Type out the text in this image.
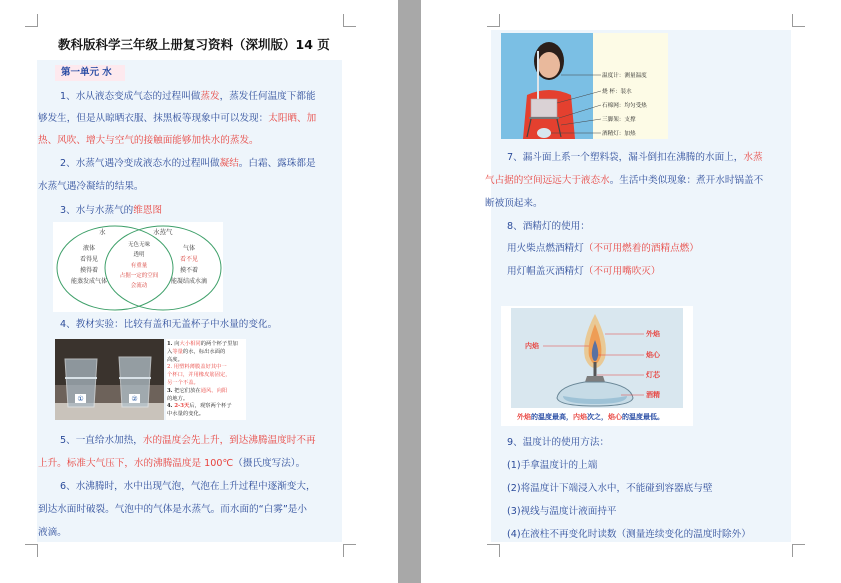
教科版科学三年级上册复习资料（深圳版）14 页
第一单元 水
1、水从液态变成气态的过程叫做蒸发，蒸发任何温度下都能
够发生，但是从晾晒衣服、抹黑板等现象中可以发现：太阳晒、加
热、风吹、增大与空气的接触面能够加快水的蒸发。
2、水蒸气遇冷变成液态水的过程叫做凝结。白霜、露珠都是
水蒸气遇冷凝结的结果。
3、水与水蒸气的维恩图
水	水蒸气
液体
看得见
摸得着
能蒸发成气体
无色无味
透明
有重量
占据一定的空间
会流动
气体
看不见
摸不着
能凝结成水滴
4、教材实验：比较有盖和无盖杯子中水量的变化。
①	②
1. 向大小相同的两个杯子里加
入等量的水，标出水面的
高度。
2. 用塑料薄膜盖好其中一
个杯口，并用橡皮筋固定，
另一个不盖。
3. 把它们放在通风、向阳
的地方。
4. 2-3天后，观察两个杯子
中水量的变化。
5、一直给水加热，水的温度会先上升，到达沸腾温度时不再
上升。标准大气压下，水的沸腾温度是 100℃（摄氏度写法）。
6、水沸腾时，水中出现气泡，气泡在上升过程中逐渐变大，
到达水面时破裂。气泡中的气体是水蒸气。而水面的“白雾”是小
液滴。
温度计：测量温度
烧 杯：装水
石棉网：均匀受热
三脚架：支撑
酒精灯：加热
7、漏斗面上系一个塑料袋，漏斗倒扣在沸腾的水面上，水蒸
气占据的空间远远大于液态水。生活中类似现象：煮开水时锅盖不
断被顶起来。
8、酒精灯的使用：
用火柴点燃酒精灯（不可用燃着的酒精点燃）
用灯帽盖灭酒精灯（不可用嘴吹灭）
内焰
外焰
焰心
灯芯
酒精
外焰的温度最高，内焰次之，焰心的温度最低。
9、温度计的使用方法：
(1)手拿温度计的上端
(2)将温度计下端浸入水中，不能碰到容器底与壁
(3)视线与温度计液面持平
(4)在液柱不再变化时读数（测量连续变化的温度时除外）
